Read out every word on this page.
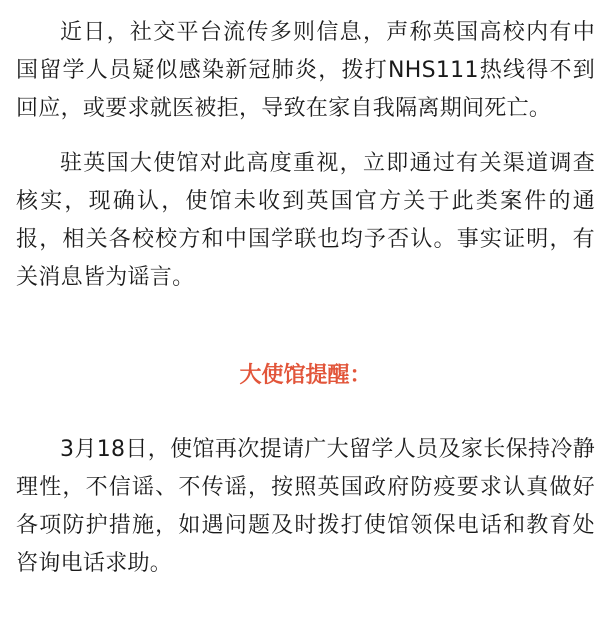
近日，社交平台流传多则信息，声称英国高校内有中国留学人员疑似感染新冠肺炎，拨打NHS111热线得不到回应，或要求就医被拒，导致在家自我隔离期间死亡。

驻英国大使馆对此高度重视，立即通过有关渠道调查核实，现确认，使馆未收到英国官方关于此类案件的通报，相关各校校方和中国学联也均予否认。事实证明，有关消息皆为谣言。

大使馆提醒：

3月18日，使馆再次提请广大留学人员及家长保持冷静理性，不信谣、不传谣，按照英国政府防疫要求认真做好各项防护措施，如遇问题及时拨打使馆领保电话和教育处咨询电话求助。
